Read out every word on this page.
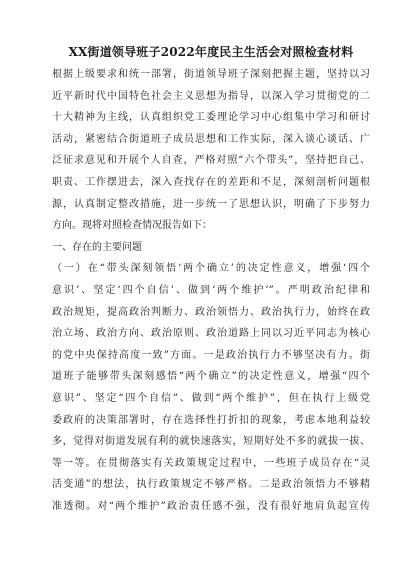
XX街道领导班子2022年度民主生活会对照检查材料
根据上级要求和统一部署，街道领导班子深刻把握主题，坚持以习
近平新时代中国特色社会主义思想为指导，以深入学习贯彻党的二
十大精神为主线，认真组织党工委理论学习中心组集中学习和研讨
活动，紧密结合街道班子成员思想和工作实际，深入谈心谈话、广
泛征求意见和开展个人自查，严格对照“六个带头”，坚持把自己、
职责、工作摆进去，深入查找存在的差距和不足，深刻剖析问题根
源，认真制定整改措施，进一步统一了思想认识，明确了下步努力
方向。现将对照检查情况报告如下：
一、存在的主要问题
（一）在“带头深刻领悟‘两个确立’的决定性意义，增强‘四个
意识’、坚定‘四个自信’、做到‘两个维护’”。严明政治纪律和
政治规矩，提高政治判断力、政治领悟力、政治执行力，始终在政
治立场、政治方向、政治原则、政治道路上同以习近平同志为核心
的党中央保持高度一致”方面。一是政治执行力不够坚决有力。街
道班子能够带头深刻感悟“两个确立”的决定性意义，增强“四个
意识”、坚定“四个自信”、做到“两个维护”，但在执行上级党
委政府的决策部署时，存在选择性打折扣的现象，考虑本地利益较
多，觉得对街道发展有利的就快速落实，短期好处不多的就拔一拔、
等一等。在贯彻落实有关政策规定过程中，一些班子成员存在“灵
活变通”的想法，执行政策规定不够严格。二是政治领悟力不够精
准透彻。对“两个维护”政治责任感不强，没有很好地肩负起宣传
